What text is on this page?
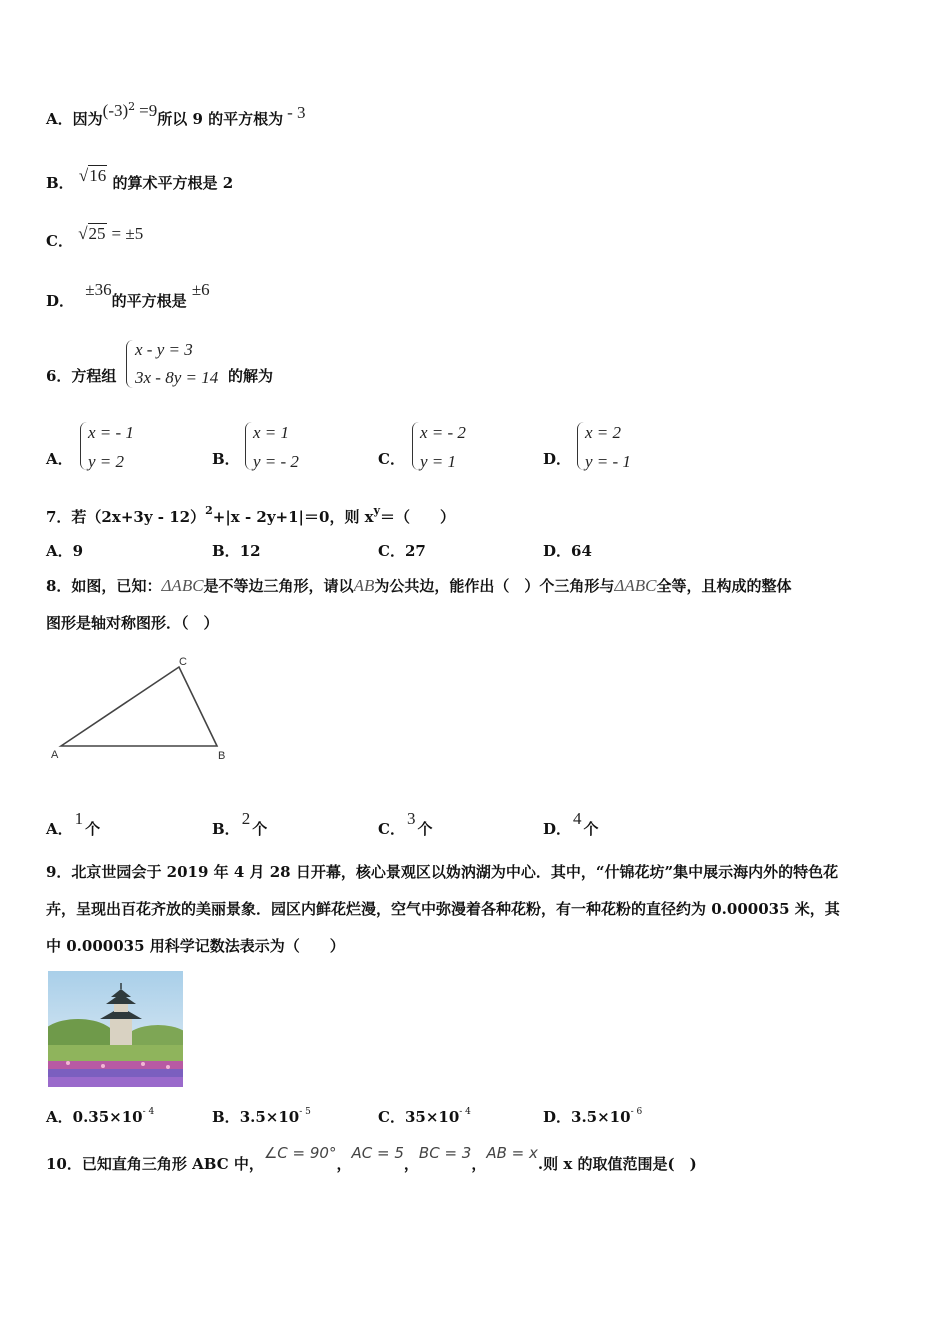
A．因为$(-3)^2 =9$所以 9 的平方根为 - 3
B． √16 的算术平方根是 2
C． √25 = ±5
D． ±36的平方根是 ±6
6．方程组
x - y = 3
3x - 8y = 14 的解为
A．
x = - 1
y = 2	B．
x = 1
y = - 2	C．
x = - 2
y = 1	D．
x = 2
y = - 1
7．若$(2x+3y - 12)^2+|x - 2y+1|=0$，则 $x^y=$（　　）
A．9	B．12	C．27	D．64
8．如图，已知：ΔABC是不等边三角形，请以AB为公共边，能作出（　）个三角形与ΔABC全等，且构成的整体
图形是轴对称图形．（　）
A	B
C
A．1个	B．2个	C．3个	D．4个
9．北京世园会于 2019 年 4 月 28 日开幕，核心景观区以妫汭湖为中心．其中，“什锦花坊”集中展示海内外的特色花
卉，呈现出百花齐放的美丽景象．园区内鲜花烂漫，空气中弥漫着各种花粉，有一种花粉的直径约为 0.000035 米，其
中 0.000035 用科学记数法表示为（　　）
A．$0.35\times 10^{- 4}$	B．$3.5\times 10^{- 5}$	C．$35\times 10^{- 4}$	D．$3.5\times 10^{- 6}$
10．已知直角三角形 ABC 中，∠C = 90°，AC = 5，BC = 3，AB = x.则 x 的取值范围是(　)
